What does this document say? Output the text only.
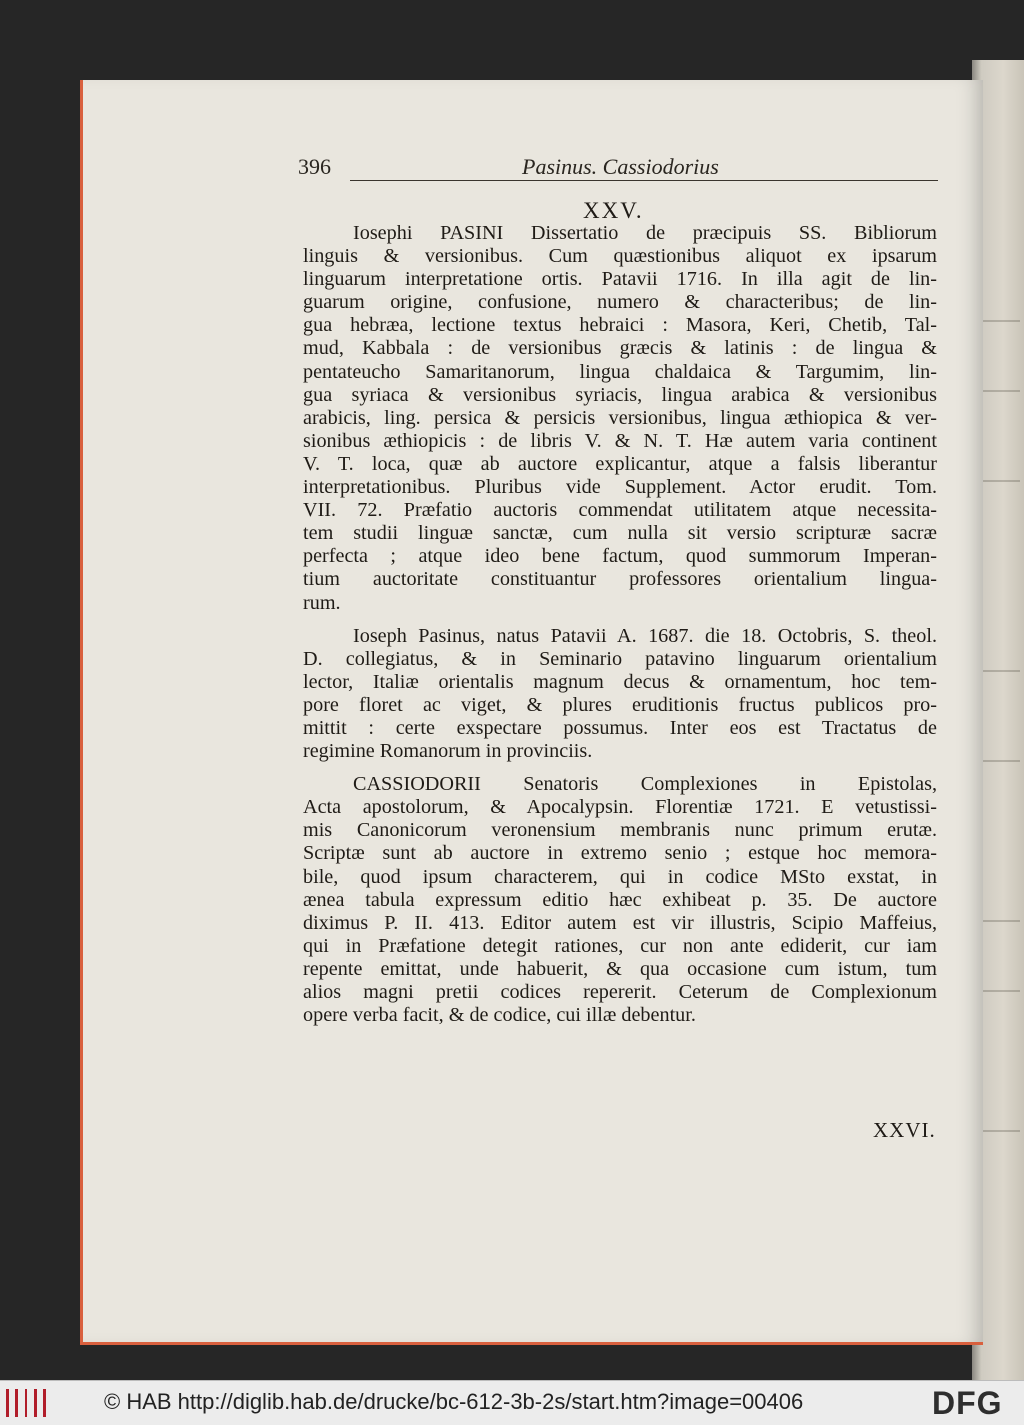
396	Pasinus. Cassiodorius
XXV.
Iosephi PASINI Dissertatio de præcipuis SS. Bibliorum
linguis & versionibus. Cum quæstionibus aliquot ex ipsarum
linguarum interpretatione ortis. Patavii 1716. In illa agit de lin-
guarum origine, confusione, numero & characteribus; de lin-
gua hebræa, lectione textus hebraici : Masora, Keri, Chetib, Tal-
mud, Kabbala : de versionibus græcis & latinis : de lingua &
pentateucho Samaritanorum, lingua chaldaica & Targumim, lin-
gua syriaca & versionibus syriacis, lingua arabica & versionibus
arabicis, ling. persica & persicis versionibus, lingua æthiopica & ver-
sionibus æthiopicis : de libris V. & N. T. Hæ autem varia continent
V. T. loca, quæ ab auctore explicantur, atque a falsis liberantur
interpretationibus. Pluribus vide Supplement. Actor erudit. Tom.
VII. 72. Præfatio auctoris commendat utilitatem atque necessita-
tem studii linguæ sanctæ, cum nulla sit versio scripturæ sacræ
perfecta ; atque ideo bene factum, quod summorum Imperan-
tium auctoritate constituantur professores orientalium lingua-
rum.
Ioseph Pasinus, natus Patavii A. 1687. die 18. Octobris, S. theol.
D. collegiatus, & in Seminario patavino linguarum orientalium
lector, Italiæ orientalis magnum decus & ornamentum, hoc tem-
pore floret ac viget, & plures eruditionis fructus publicos pro-
mittit : certe exspectare possumus. Inter eos est Tractatus de
regimine Romanorum in provinciis.
CASSIODORII Senatoris Complexiones in Epistolas,
Acta apostolorum, & Apocalypsin. Florentiæ 1721. E vetustissi-
mis Canonicorum veronensium membranis nunc primum erutæ.
Scriptæ sunt ab auctore in extremo senio ; estque hoc memora-
bile, quod ipsum characterem, qui in codice MSto exstat, in
ænea tabula expressum editio hæc exhibeat p. 35. De auctore
diximus P. II. 413. Editor autem est vir illustris, Scipio Maffeius,
qui in Præfatione detegit rationes, cur non ante ediderit, cur iam
repente emittat, unde habuerit, & qua occasione cum istum, tum
alios magni pretii codices repererit. Ceterum de Complexionum
opere verba facit, & de codice, cui illæ debentur.
XXVI.
© HAB http://diglib.hab.de/drucke/bc-612-3b-2s/start.htm?image=00406	DFG
